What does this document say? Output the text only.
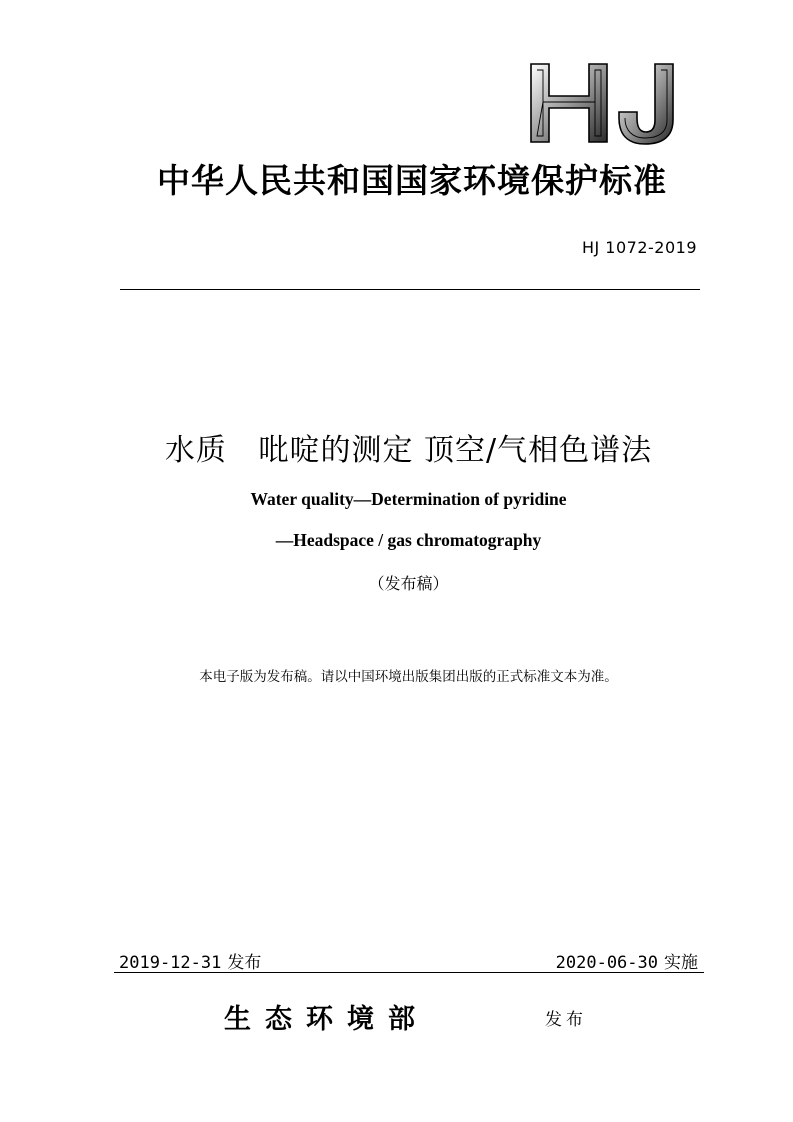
中华人民共和国国家环境保护标准
HJ 1072-2019
水质   吡啶的测定 顶空/气相色谱法
Water quality—Determination of pyridine
—Headspace / gas chromatography
（发布稿）
本电子版为发布稿。请以中国环境出版集团出版的正式标准文本为准。
2019-12-31 发布	2020-06-30 实施
生态环境部	发布
